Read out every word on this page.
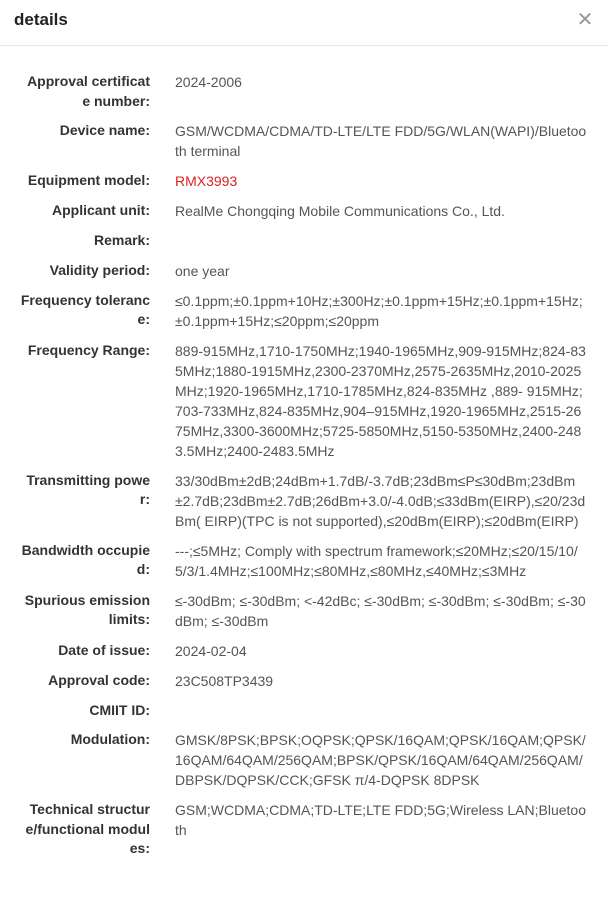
details	✕
Approval certificate number:
2024-2006
Device name: GSM/WCDMA/CDMA/TD-LTE/LTE FDD/5G/WLAN(WAPI)/Bluetooth terminal
Equipment model: RMX3993
Applicant unit: RealMe Chongqing Mobile Communications Co., Ltd.
Remark:
Validity period: one year
Frequency tolerance:
≤0.1ppm;±0.1ppm+10Hz;±300Hz;±0.1ppm+15Hz;±0.1ppm+15Hz;±0.1ppm+15Hz;≤20ppm;≤20ppm
Frequency Range: 889-915MHz,1710-1750MHz;1940-1965MHz,909-915MHz;824-835MHz;1880-1915MHz,2300-2370MHz,2575-2635MHz,2010-2025MHz;1920-1965MHz,1710-1785MHz,824-835MHz ,889- 915MHz;703-733MHz,824-835MHz,904–915MHz,1920-1965MHz,2515-2675MHz,3300-3600MHz;5725-5850MHz,5150-5350MHz,2400-2483.5MHz;2400-2483.5MHz
Transmitting power:
33/30dBm±2dB;24dBm+1.7dB/-3.7dB;23dBm≤P≤30dBm;23dBm±2.7dB;23dBm±2.7dB;26dBm+3.0/-4.0dB;≤33dBm(EIRP),≤20/23dBm( EIRP)(TPC is not supported),≤20dBm(EIRP);≤20dBm(EIRP)
Bandwidth occupied:
---;≤5MHz; Comply with spectrum framework;≤20MHz;≤20/15/10/5/3/1.4MHz;≤100MHz;≤80MHz,≤80MHz,≤40MHz;≤3MHz
Spurious emission limits:
≤-30dBm; ≤-30dBm; <-42dBc; ≤-30dBm; ≤-30dBm; ≤-30dBm; ≤-30dBm; ≤-30dBm
Date of issue: 2024-02-04
Approval code: 23C508TP3439
CMIIT ID:
Modulation: GMSK/8PSK;BPSK;OQPSK;QPSK/16QAM;QPSK/16QAM;QPSK/16QAM/64QAM/256QAM;BPSK/QPSK/16QAM/64QAM/256QAM/DBPSK/DQPSK/CCK;GFSK π/4-DQPSK 8DPSK
Technical structure/functional modules:
GSM;WCDMA;CDMA;TD-LTE;LTE FDD;5G;Wireless LAN;Bluetooth
